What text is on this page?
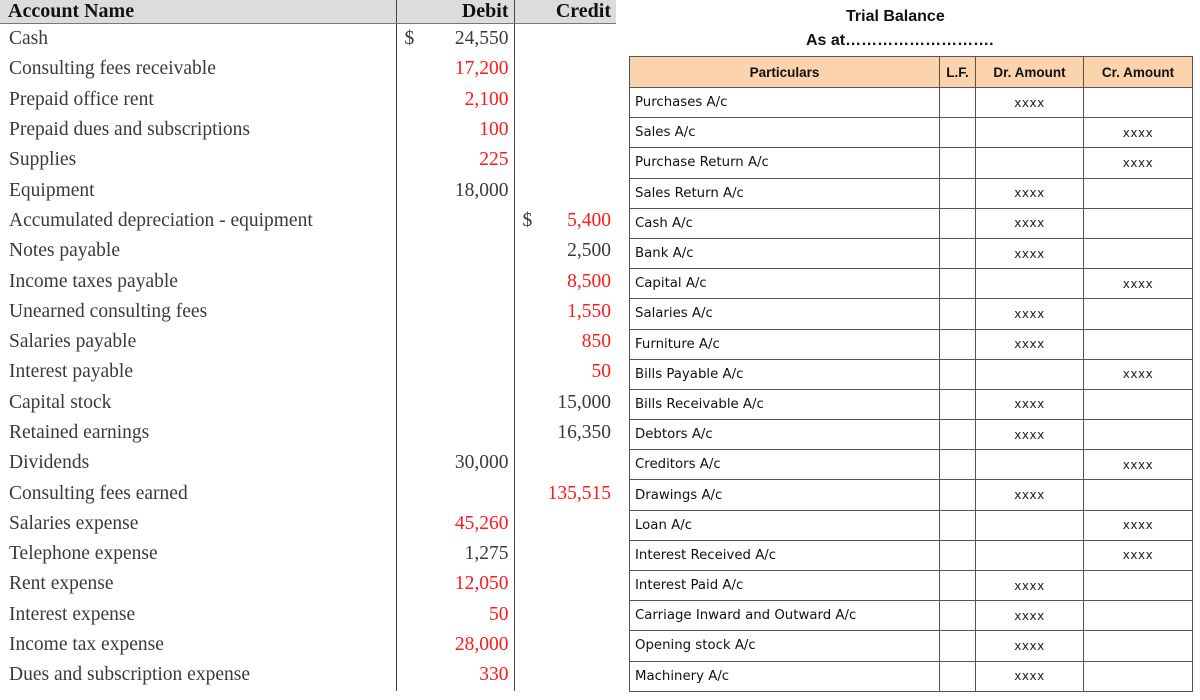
Account Name	Debit	Credit
Cash	$ 24,550	
Consulting fees receivable	17,200	
Prepaid office rent	2,100	
Prepaid dues and subscriptions	100	
Supplies	225	
Equipment	18,000	
Accumulated depreciation - equipment		$ 5,400
Notes payable		2,500
Income taxes payable		8,500
Unearned consulting fees		1,550
Salaries payable		850
Interest payable		50
Capital stock		15,000
Retained earnings		16,350
Dividends	30,000	
Consulting fees earned		135,515
Salaries expense	45,260	
Telephone expense	1,275	
Rent expense	12,050	
Interest expense	50	
Income tax expense	28,000	
Dues and subscription expense	330	
Trial Balance
As at……………………….
Particulars	L.F.	Dr. Amount	Cr. Amount
Purchases A/c		xxxx	
Sales A/c			xxxx
Purchase Return A/c			xxxx
Sales Return A/c		xxxx	
Cash A/c		xxxx	
Bank A/c		xxxx	
Capital A/c			xxxx
Salaries A/c		xxxx	
Furniture A/c		xxxx	
Bills Payable A/c			xxxx
Bills Receivable A/c		xxxx	
Debtors A/c		xxxx	
Creditors A/c			xxxx
Drawings A/c		xxxx	
Loan A/c			xxxx
Interest Received A/c			xxxx
Interest Paid A/c		xxxx	
Carriage Inward and Outward A/c		xxxx	
Opening stock A/c		xxxx	
Machinery A/c		xxxx	
